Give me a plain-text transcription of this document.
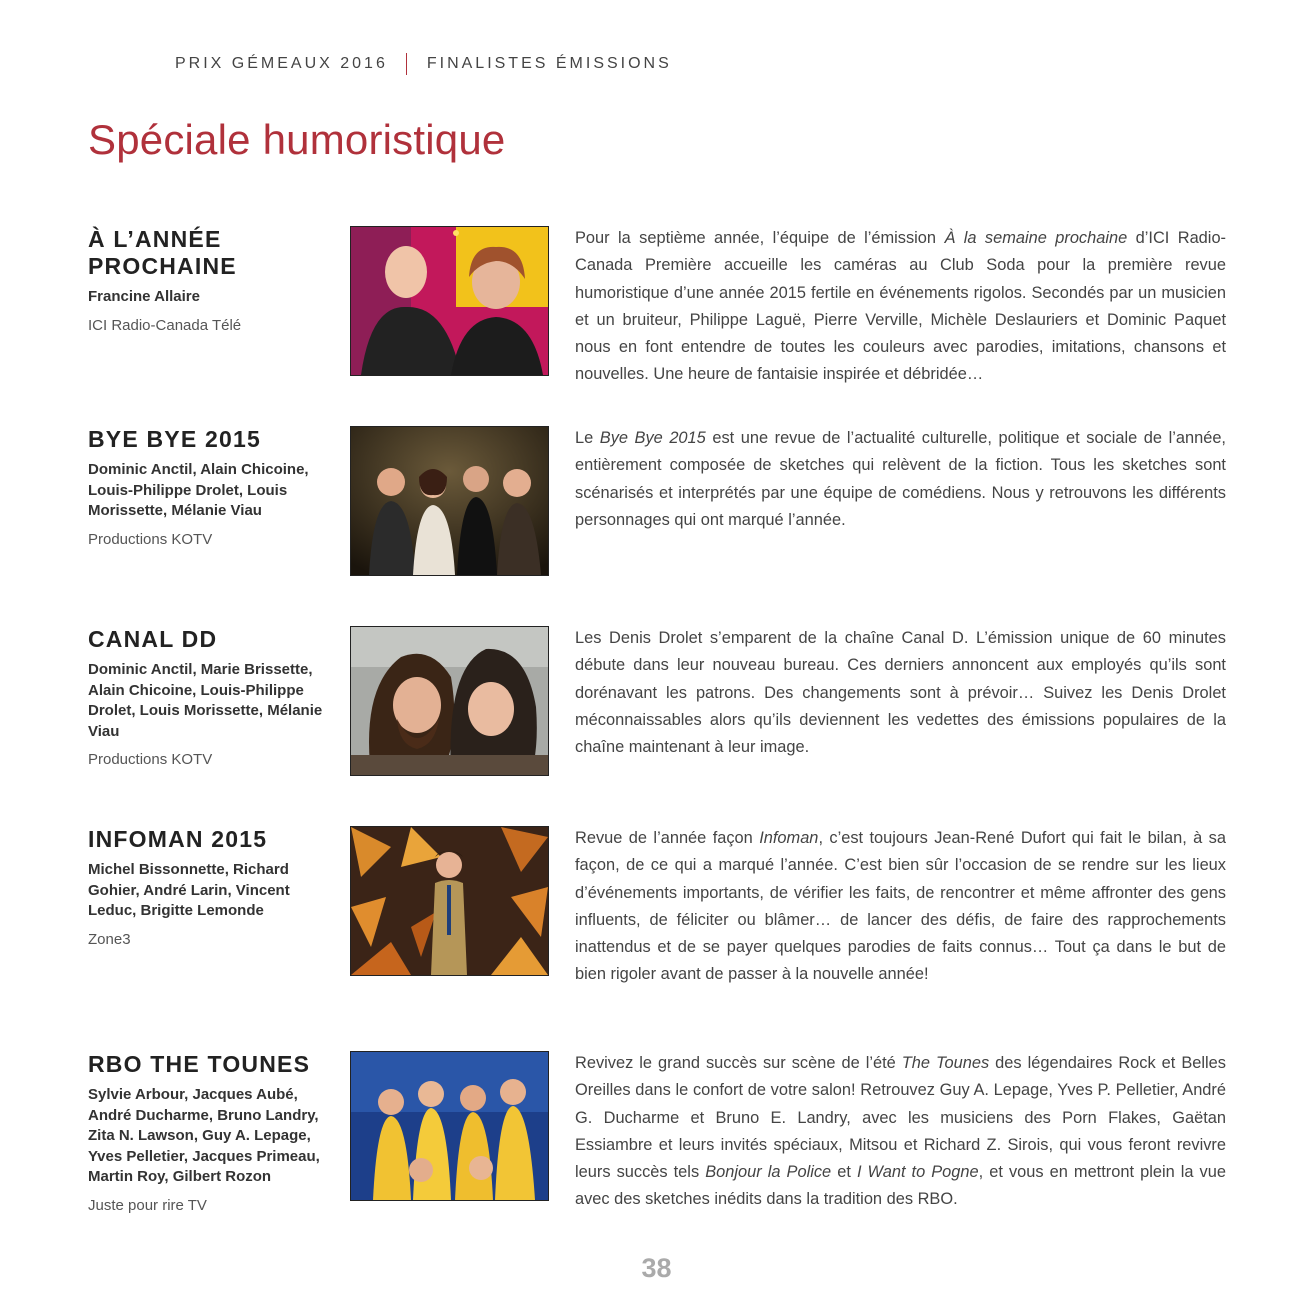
PRIX GÉMEAUX 2016 FINALISTES ÉMISSIONS
Spéciale humoristique
À L’ANNÉE PROCHAINE
Francine Allaire
ICI Radio-Canada Télé

Pour la septième année, l’équipe de l’émission À la semaine prochaine d’ICI Radio-Canada Première accueille les caméras au Club Soda pour la première revue humoristique d’une année 2015 fertile en événements rigolos. Secondés par un musicien et un bruiteur, Philippe Laguë, Pierre Verville, Michèle Deslauriers et Dominic Paquet nous en font entendre de toutes les couleurs avec parodies, imitations, chansons et nouvelles. Une heure de fantaisie inspirée et débridée…

BYE BYE 2015
Dominic Anctil, Alain Chicoine, Louis-Philippe Drolet, Louis Morissette, Mélanie Viau
Productions KOTV

Le Bye Bye 2015 est une revue de l’actualité culturelle, politique et sociale de l’année, entièrement composée de sketches qui relèvent de la fiction. Tous les sketches sont scénarisés et interprétés par une équipe de comédiens. Nous y retrouvons les différents personnages qui ont marqué l’année.

CANAL DD
Dominic Anctil, Marie Brissette, Alain Chicoine, Louis-Philippe Drolet, Louis Morissette, Mélanie Viau
Productions KOTV

Les Denis Drolet s’emparent de la chaîne Canal D. L’émission unique de 60 minutes débute dans leur nouveau bureau. Ces derniers annoncent aux employés qu’ils sont dorénavant les patrons. Des changements sont à prévoir… Suivez les Denis Drolet méconnaissables alors qu’ils deviennent les vedettes des émissions populaires de la chaîne maintenant à leur image.

INFOMAN 2015
Michel Bissonnette, Richard Gohier, André Larin, Vincent Leduc, Brigitte Lemonde
Zone3

Revue de l’année façon Infoman, c’est toujours Jean-René Dufort qui fait le bilan, à sa façon, de ce qui a marqué l’année. C’est bien sûr l’occasion de se rendre sur les lieux d’événements importants, de vérifier les faits, de rencontrer et même affronter des gens influents, de féliciter ou blâmer… de lancer des défis, de faire des rapprochements inattendus et de se payer quelques parodies de faits connus… Tout ça dans le but de bien rigoler avant de passer à la nouvelle année!

RBO THE TOUNES
Sylvie Arbour, Jacques Aubé, André Ducharme, Bruno Landry, Zita N. Lawson, Guy A. Lepage, Yves Pelletier, Jacques Primeau, Martin Roy, Gilbert Rozon
Juste pour rire TV

Revivez le grand succès sur scène de l’été The Tounes des légendaires Rock et Belles Oreilles dans le confort de votre salon! Retrouvez Guy A. Lepage, Yves P. Pelletier, André G. Ducharme et Bruno E. Landry, avec les musiciens des Porn Flakes, Gaëtan Essiambre et leurs invités spéciaux, Mitsou et Richard Z. Sirois, qui vous feront revivre leurs succès tels Bonjour la Police et I Want to Pogne, et vous en mettront plein la vue avec des sketches inédits dans la tradition des RBO.

38
